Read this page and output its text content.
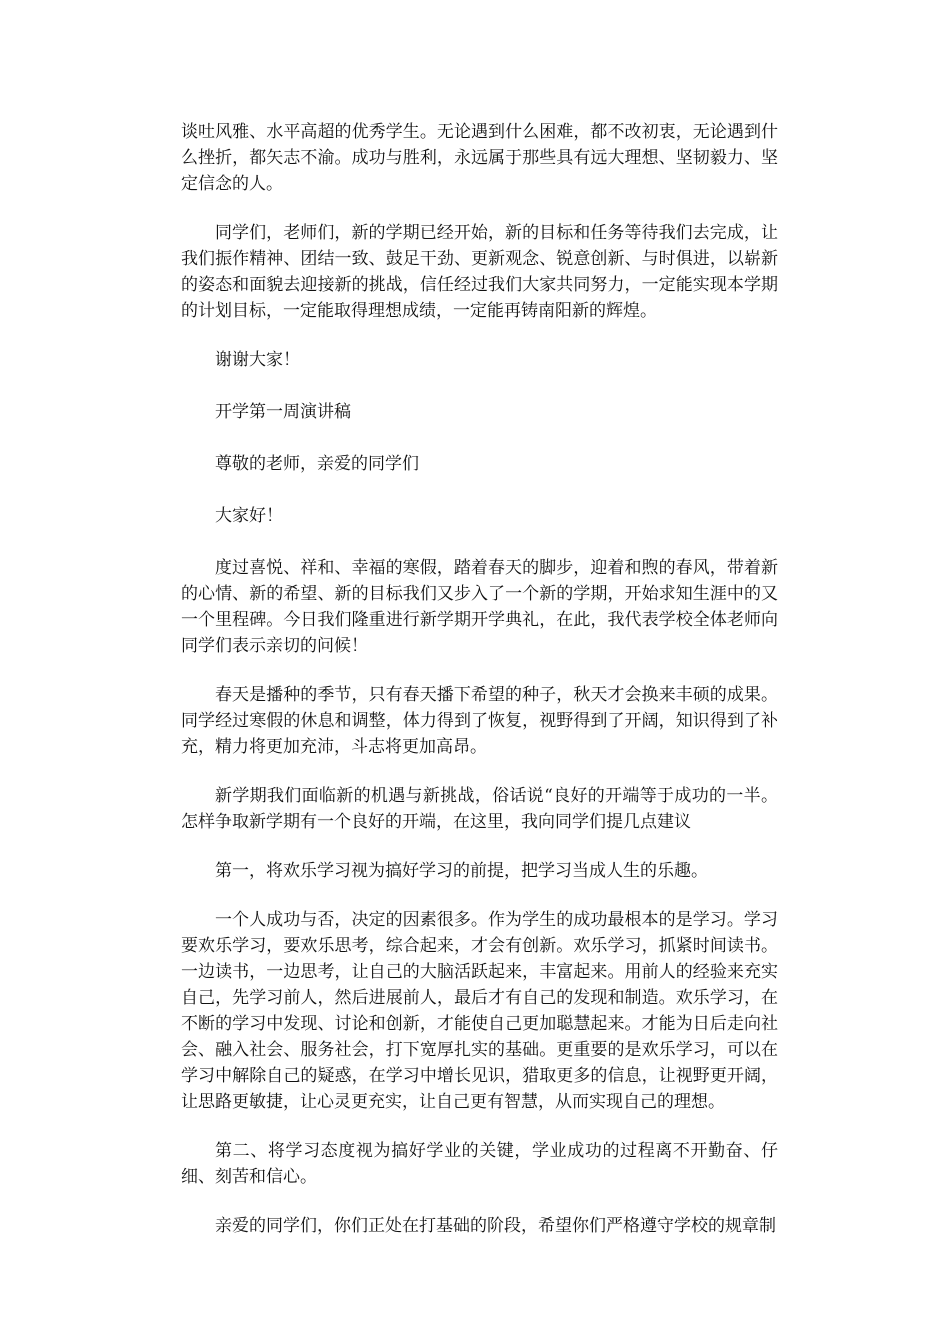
谈吐风雅、水平高超的优秀学生。无论遇到什么困难，都不改初衷，无论遇到什么挫折，都矢志不渝。成功与胜利，永远属于那些具有远大理想、坚韧毅力、坚定信念的人。

同学们，老师们，新的学期已经开始，新的目标和任务等待我们去完成，让我们振作精神、团结一致、鼓足干劲、更新观念、锐意创新、与时俱进，以崭新的姿态和面貌去迎接新的挑战，信任经过我们大家共同努力，一定能实现本学期的计划目标，一定能取得理想成绩，一定能再铸南阳新的辉煌。

谢谢大家！

开学第一周演讲稿

尊敬的老师，亲爱的同学们

大家好！

度过喜悦、祥和、幸福的寒假，踏着春天的脚步，迎着和煦的春风，带着新的心情、新的希望、新的目标我们又步入了一个新的学期，开始求知生涯中的又一个里程碑。今日我们隆重进行新学期开学典礼，在此，我代表学校全体老师向同学们表示亲切的问候！

春天是播种的季节，只有春天播下希望的种子，秋天才会换来丰硕的成果。同学经过寒假的休息和调整，体力得到了恢复，视野得到了开阔，知识得到了补充，精力将更加充沛，斗志将更加高昂。

新学期我们面临新的机遇与新挑战，俗话说“良好的开端等于成功的一半。怎样争取新学期有一个良好的开端，在这里，我向同学们提几点建议

第一，将欢乐学习视为搞好学习的前提，把学习当成人生的乐趣。

一个人成功与否，决定的因素很多。作为学生的成功最根本的是学习。学习要欢乐学习，要欢乐思考，综合起来，才会有创新。欢乐学习，抓紧时间读书。一边读书，一边思考，让自己的大脑活跃起来，丰富起来。用前人的经验来充实自己，先学习前人，然后进展前人，最后才有自己的发现和制造。欢乐学习，在不断的学习中发现、讨论和创新，才能使自己更加聪慧起来。才能为日后走向社会、融入社会、服务社会，打下宽厚扎实的基础。更重要的是欢乐学习，可以在学习中解除自己的疑惑，在学习中增长见识，猎取更多的信息，让视野更开阔，让思路更敏捷，让心灵更充实，让自己更有智慧，从而实现自己的理想。

第二、将学习态度视为搞好学业的关键，学业成功的过程离不开勤奋、仔细、刻苦和信心。

亲爱的同学们，你们正处在打基础的阶段，希望你们严格遵守学校的规章制
